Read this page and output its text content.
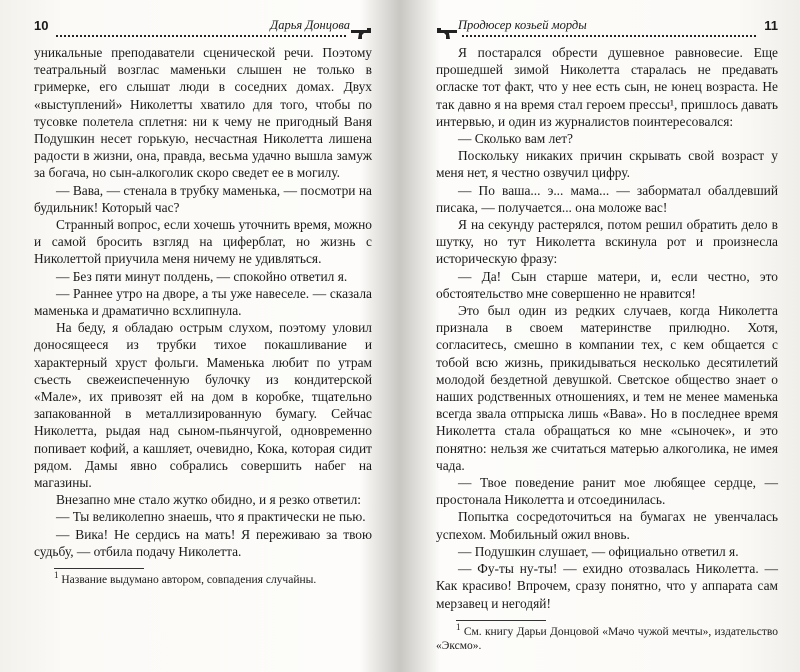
10	Дарья Донцова

уникальные преподаватели сценической речи. Поэтому театральный возглас маменьки слышен не только в гримерке, его слышат люди в соседних домах. Двух «выступлений» Николетты хватило для того, чтобы по тусовке полетела сплетня: ни к чему не пригодный Ваня Подушкин несет горькую, несчастная Николетта лишена радости в жизни, она, правда, весьма удачно вышла замуж за богача, но сын-алкоголик скоро сведет ее в могилу.

— Вава, — стенала в трубку маменька, — посмотри на будильник! Который час?

Странный вопрос, если хочешь уточнить время, можно и самой бросить взгляд на циферблат, но жизнь с Николеттой приучила меня ничему не удивляться.

— Без пяти минут полдень, — спокойно ответил я.

— Раннее утро на дворе, а ты уже навеселе. — сказала маменька и драматично всхлипнула.

На беду, я обладаю острым слухом, поэтому уловил доносящееся из трубки тихое покашливание и характерный хруст фольги. Маменька любит по утрам съесть свежеиспеченную булочку из кондитерской «Мале», их привозят ей на дом в коробке, тщательно запакованной в металлизированную бумагу. Сейчас Николетта, рыдая над сыном-пьянчугой, одновременно попивает кофий, а кашляет, очевидно, Кока, которая сидит рядом. Дамы явно собрались совершить набег на магазины.

Внезапно мне стало жутко обидно, и я резко ответил:

— Ты великолепно знаешь, что я практически не пью.

— Вика! Не сердись на мать! Я переживаю за твою судьбу, — отбила подачу Николетта.

$^1$ Название выдумано автором, совпадения случайны.

Продюсер козьей морды	11

Я постарался обрести душевное равновесие. Еще прошедшей зимой Николетта старалась не предавать огласке тот факт, что у нее есть сын, не юнец возраста. Не так давно я на время стал героем прессы¹, пришлось давать интервью, и один из журналистов поинтересовался:

— Сколько вам лет?

Поскольку никаких причин скрывать свой возраст у меня нет, я честно озвучил цифру.

— По ваша... э... мама... — заборматал обалдевший писака, — получается... она моложе вас!

Я на секунду растерялся, потом решил обратить дело в шутку, но тут Николетта вскинула рот и произнесла историческую фразу:

— Да! Сын старше матери, и, если честно, это обстоятельство мне совершенно не нравится!

Это был один из редких случаев, когда Николетта признала в своем материнстве прилюдно. Хотя, согласитесь, смешно в компании тех, с кем общается с тобой всю жизнь, прикидываться несколько десятилетий молодой бездетной девушкой. Светское общество знает о наших родственных отношениях, и тем не менее маменька всегда звала отпрыска лишь «Вава». Но в последнее время Николетта стала обращаться ко мне «сыночек», и это понятно: нельзя же считаться матерью алкоголика, не имея чада.

— Твое поведение ранит мое любящее сердце, — простонала Николетта и отсоединилась.

Попытка сосредоточиться на бумагах не увенчалась успехом. Мобильный ожил вновь.

— Подушкин слушает, — официально ответил я.

— Фу-ты ну-ты! — ехидно отозвалась Николетта. — Как красиво! Впрочем, сразу понятно, что у аппарата сам мерзавец и негодяй!

$^1$ См. книгу Дарьи Донцовой «Мачо чужой мечты», издательство «Эксмо».
